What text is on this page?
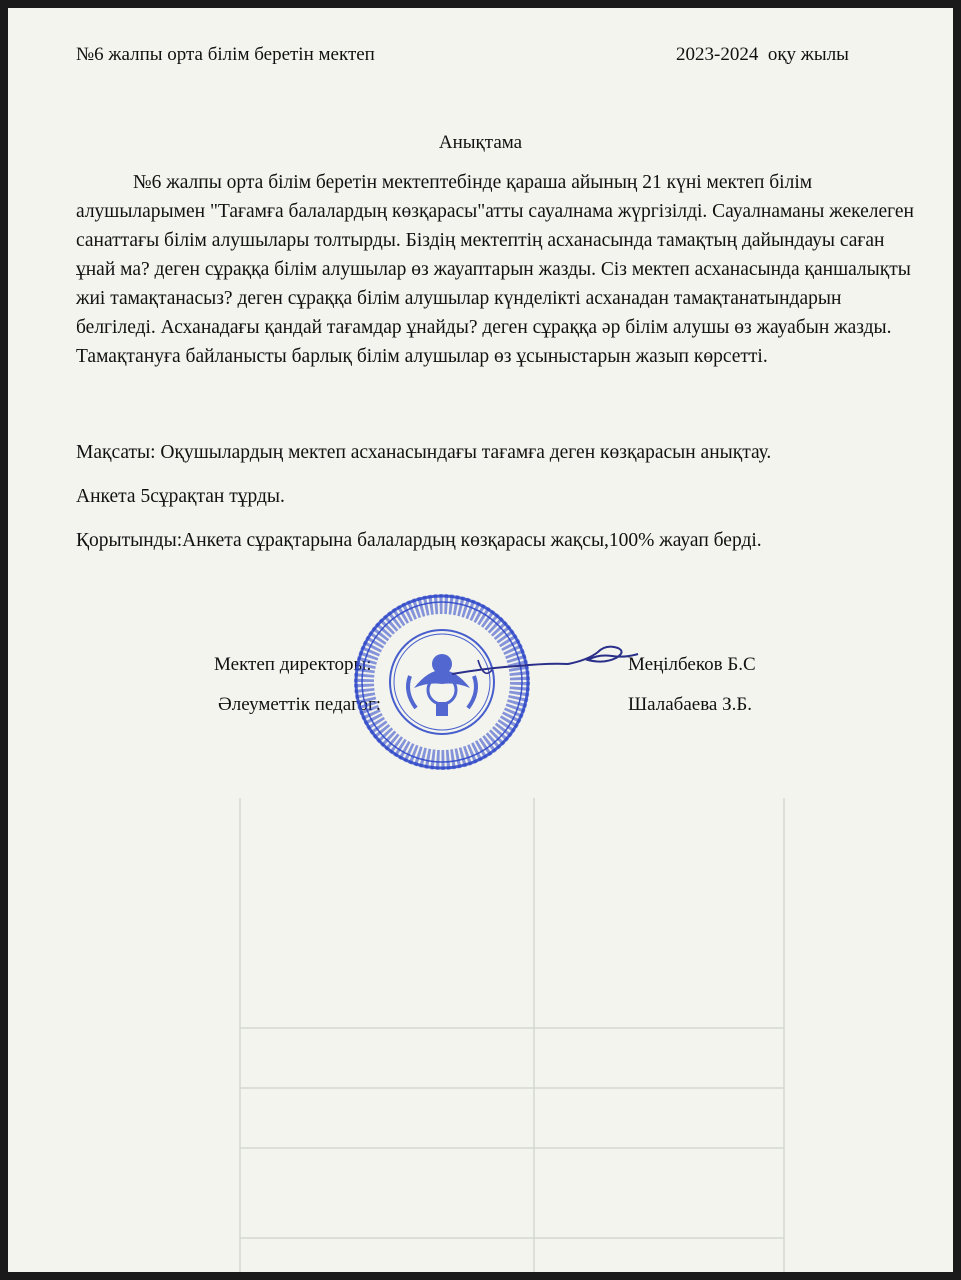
№6 жалпы орта білім беретін мектеп	2023-2024  оқу жылы
Анықтама

№6 жалпы орта білім беретін мектептебінде қараша айының 21 күні мектеп білім алушыларымен "Тағамға балалардың көзқарасы"атты сауалнама жүргізілді. Сауалнаманы жекелеген санаттағы білім алушылары толтырды. Біздің мектептің асханасында тамақтың дайындауы саған ұнай ма? деген сұраққа білім алушылар өз жауаптарын жазды. Сіз мектеп асханасында қаншалықты жиі тамақтанасыз? деген сұраққа білім алушылар күнделікті асханадан тамақтанатындарын белгіледі. Асханадағы қандай тағамдар ұнайды? деген сұраққа әр білім алушы өз жауабын жазды. Тамақтануға байланысты барлық білім алушылар өз ұсыныстарын жазып көрсетті.

Мақсаты: Оқушылардың мектеп асханасындағы тағамға деген көзқарасын анықтау.
Анкета 5сұрақтан тұрды.
Қорытынды:Анкета сұрақтарына балалардың көзқарасы жақсы,100% жауап берді.
Мектеп директоры:	Меңілбеков Б.С
Әлеуметтік педагог:	Шалабаева З.Б.
